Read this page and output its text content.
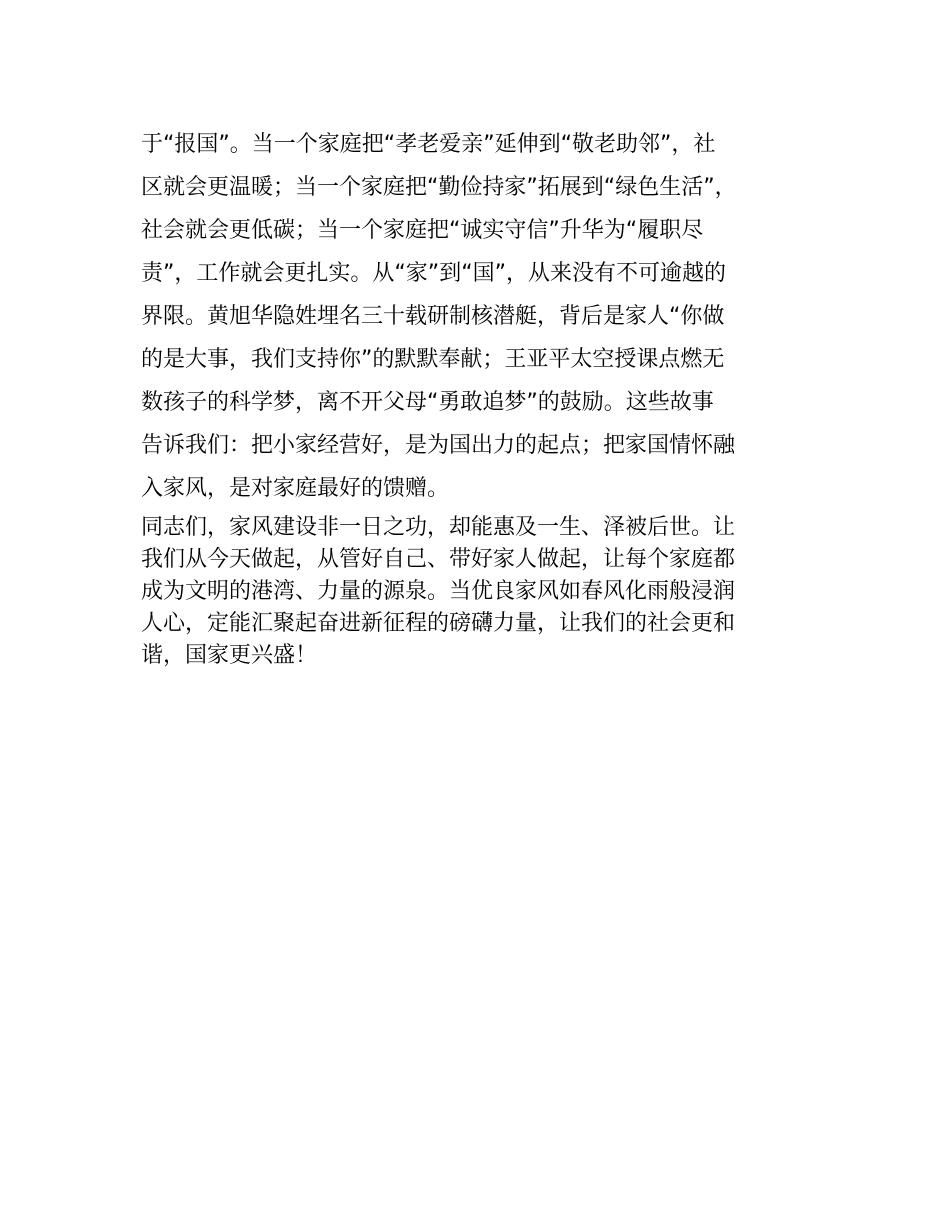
于“报国”。当一个家庭把“孝老爱亲”延伸到“敬老助邻”，社
区就会更温暖；当一个家庭把“勤俭持家”拓展到“绿色生活”，
社会就会更低碳；当一个家庭把“诚实守信”升华为“履职尽
责”，工作就会更扎实。从“家”到“国”，从来没有不可逾越的
界限。黄旭华隐姓埋名三十载研制核潜艇，背后是家人“你做
的是大事，我们支持你”的默默奉献；王亚平太空授课点燃无
数孩子的科学梦，离不开父母“勇敢追梦”的鼓励。这些故事
告诉我们：把小家经营好，是为国出力的起点；把家国情怀融
入家风，是对家庭最好的馈赠。
同志们，家风建设非一日之功，却能惠及一生、泽被后世。让
我们从今天做起，从管好自己、带好家人做起，让每个家庭都
成为文明的港湾、力量的源泉。当优良家风如春风化雨般浸润
人心，定能汇聚起奋进新征程的磅礴力量，让我们的社会更和
谐，国家更兴盛！
